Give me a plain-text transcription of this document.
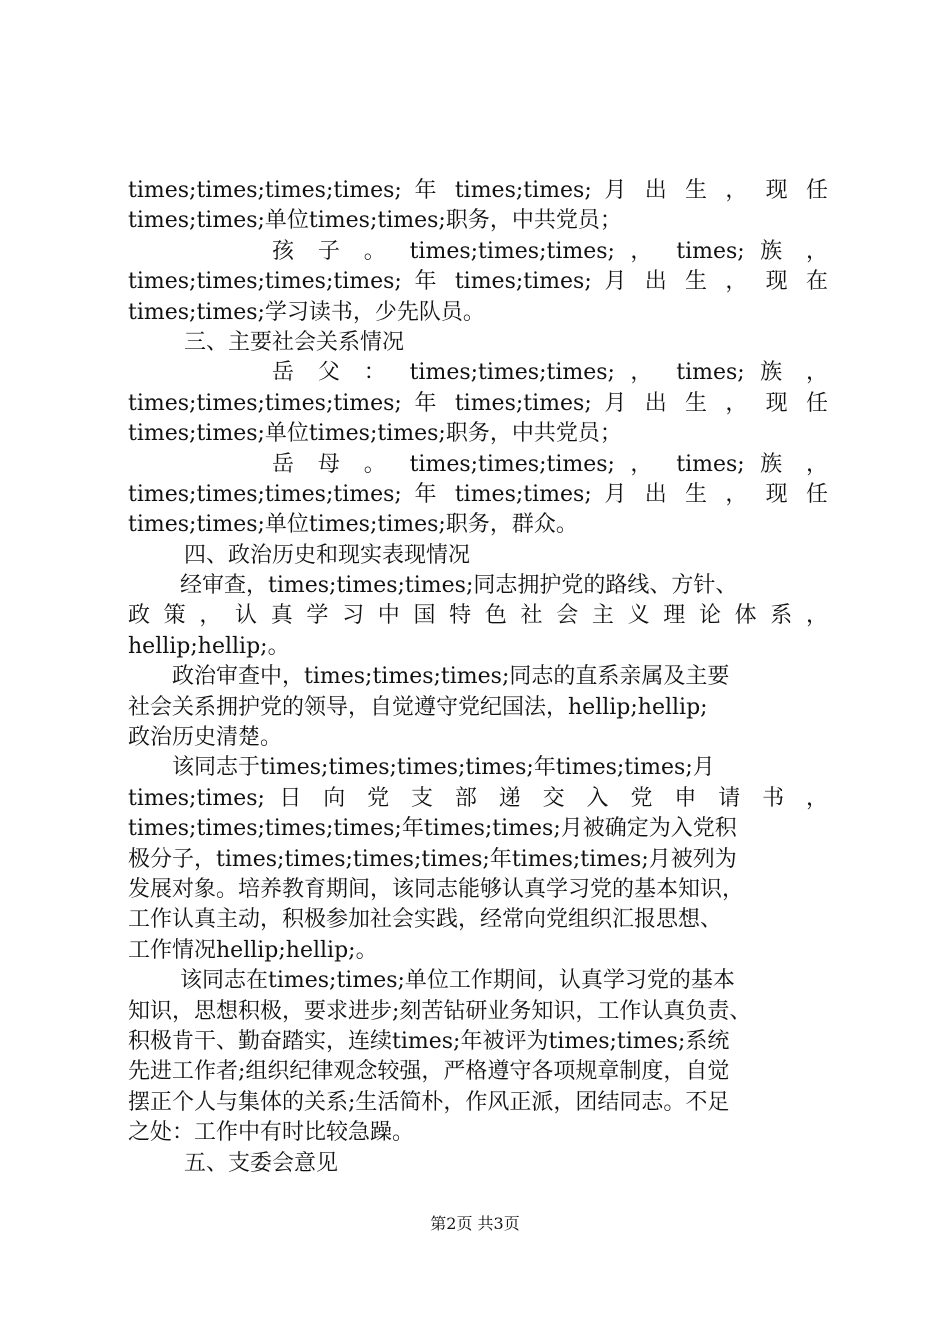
times;times;times;times; 年 times;times; 月 出 生 ， 现 任
times;times;单位times;times;职务，中共党员；
孩 子 。 times;times;times; ， times; 族 ，
times;times;times;times; 年 times;times; 月 出 生 ， 现 在
times;times;学习读书，少先队员。
三、主要社会关系情况
岳 父 ： times;times;times; ， times; 族 ，
times;times;times;times; 年 times;times; 月 出 生 ， 现 任
times;times;单位times;times;职务，中共党员；
岳 母 。 times;times;times; ， times; 族 ，
times;times;times;times; 年 times;times; 月 出 生 ， 现 任
times;times;单位times;times;职务，群众。
四、政治历史和现实表现情况
经审查，times;times;times;同志拥护党的路线、方针、
政 策 ， 认 真 学 习 中 国 特 色 社 会 主 义 理 论 体 系 ，
hellip;hellip;。
政治审查中，times;times;times;同志的直系亲属及主要
社会关系拥护党的领导，自觉遵守党纪国法，hellip;hellip;
政治历史清楚。
该同志于times;times;times;times;年times;times;月
times;times; 日 向 党 支 部 递 交 入 党 申 请 书 ，
times;times;times;times;年times;times;月被确定为入党积
极分子，times;times;times;times;年times;times;月被列为
发展对象。培养教育期间，该同志能够认真学习党的基本知识，
工作认真主动，积极参加社会实践，经常向党组织汇报思想、
工作情况hellip;hellip;。
该同志在times;times;单位工作期间，认真学习党的基本
知识，思想积极，要求进步;刻苦钻研业务知识，工作认真负责、
积极肯干、勤奋踏实，连续times;年被评为times;times;系统
先进工作者;组织纪律观念较强，严格遵守各项规章制度，自觉
摆正个人与集体的关系;生活简朴，作风正派，团结同志。不足
之处：工作中有时比较急躁。
五、支委会意见
第2页 共3页
